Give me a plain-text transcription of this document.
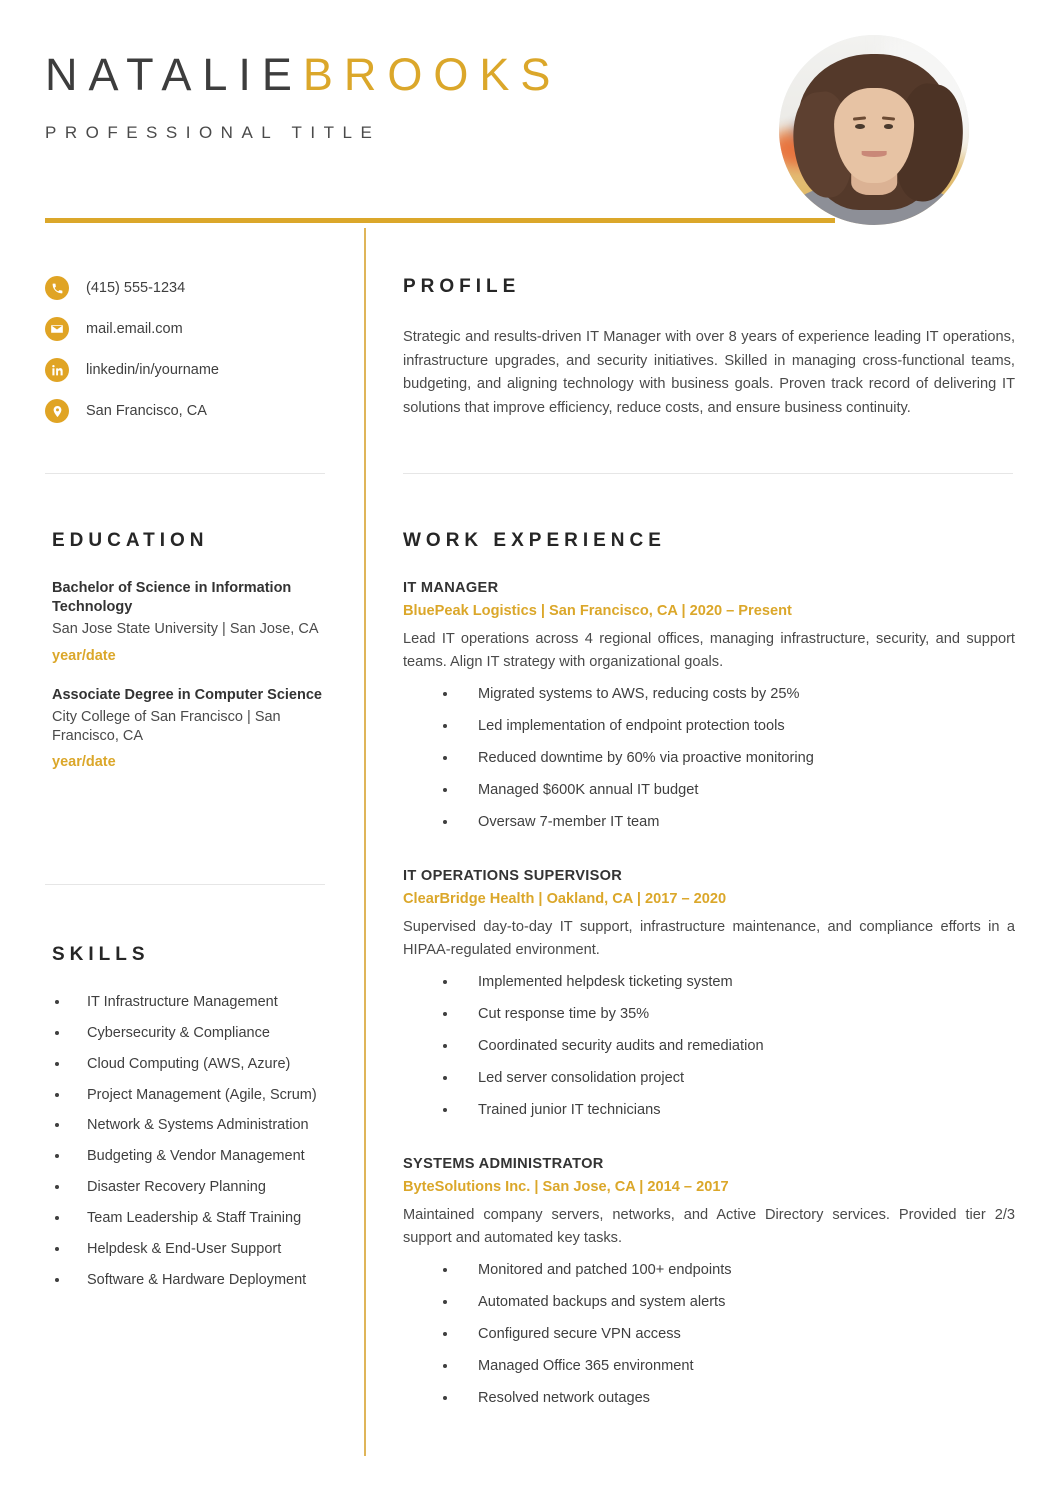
NATALIEBROOKS
PROFESSIONAL TITLE
(415) 555-1234
mail.email.com
linkedin/in/yourname
San Francisco, CA
EDUCATION
Bachelor of Science in Information Technology
San Jose State University | San Jose, CA
year/date
Associate Degree in Computer Science
City College of San Francisco | San Francisco, CA
year/date
SKILLS
IT Infrastructure Management
Cybersecurity & Compliance
Cloud Computing (AWS, Azure)
Project Management (Agile, Scrum)
Network & Systems Administration
Budgeting & Vendor Management
Disaster Recovery Planning
Team Leadership & Staff Training
Helpdesk & End-User Support
Software & Hardware Deployment
PROFILE

Strategic and results-driven IT Manager with over 8 years of experience leading IT operations, infrastructure upgrades, and security initiatives. Skilled in managing cross-functional teams, budgeting, and aligning technology with business goals. Proven track record of delivering IT solutions that improve efficiency, reduce costs, and ensure business continuity.

WORK EXPERIENCE
IT MANAGER
BluePeak Logistics | San Francisco, CA | 2020 – Present

Lead IT operations across 4 regional offices, managing infrastructure, security, and support teams. Align IT strategy with organizational goals.

Migrated systems to AWS, reducing costs by 25%
Led implementation of endpoint protection tools
Reduced downtime by 60% via proactive monitoring
Managed $600K annual IT budget
Oversaw 7-member IT team
IT OPERATIONS SUPERVISOR
ClearBridge Health | Oakland, CA | 2017 – 2020

Supervised day-to-day IT support, infrastructure maintenance, and compliance efforts in a HIPAA-regulated environment.

Implemented helpdesk ticketing system
Cut response time by 35%
Coordinated security audits and remediation
Led server consolidation project
Trained junior IT technicians
SYSTEMS ADMINISTRATOR
ByteSolutions Inc. | San Jose, CA | 2014 – 2017

Maintained company servers, networks, and Active Directory services. Provided tier 2/3 support and automated key tasks.

Monitored and patched 100+ endpoints
Automated backups and system alerts
Configured secure VPN access
Managed Office 365 environment
Resolved network outages
